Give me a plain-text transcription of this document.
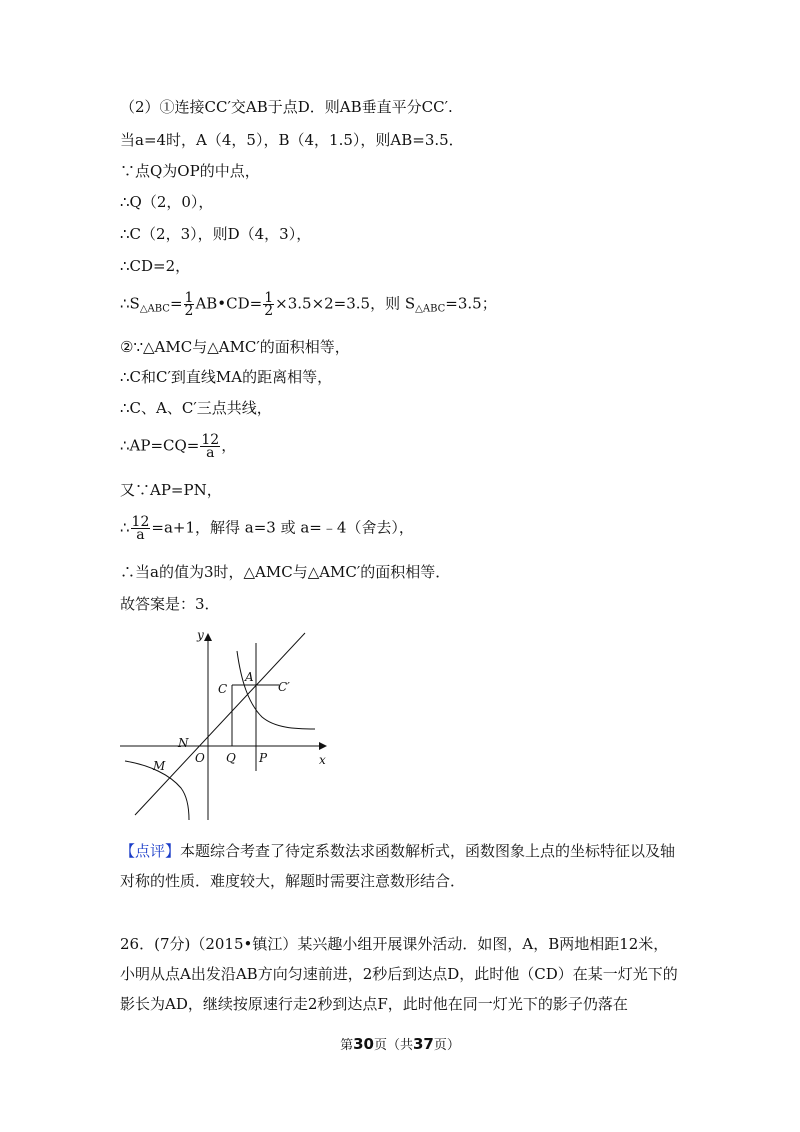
（2）①连接CC′交AB于点D．则AB垂直平分CC′.
当a=4时，A（4，5），B（4，1.5），则AB=3.5．
∵点Q为OP的中点，
∴Q（2，0），
∴C（2，3），则D（4，3），
∴CD=2，
$\therefore S_{\triangle ABC}= \frac{1}{2}$ AB•CD= $\frac{1}{2} \times 3.5\times 2=3.5$，则 $S_{\triangle ABC}=3.5$；
②∵△AMC与△AMC′的面积相等，
∴C和C′到直线MA的距离相等，
∴C、A、C′三点共线，
∴AP=CQ= $\frac{12}{a}$ ，
又∵AP=PN，
∴ $\frac{12}{a} =a+1$，解得 a=3 或 a=﹣4（舍去），
∴当a的值为3时，△AMC与△AMC′的面积相等．
故答案是：3．
y
x
O
N
M
C
A
C′
Q P
【点评】本题综合考查了待定系数法求函数解析式，函数图象上点的坐标特征以及轴对称的性质．难度较大，解题时需要注意数形结合．
26．(7分)（2015•镇江）某兴趣小组开展课外活动．如图，A，B两地相距12米，小明从点A出发沿AB方向匀速前进，2秒后到达点D，此时他（CD）在某一灯光下的影长为AD，继续按原速行走2秒到达点F，此时他在同一灯光下的影子仍落在
第30页（共37页）
